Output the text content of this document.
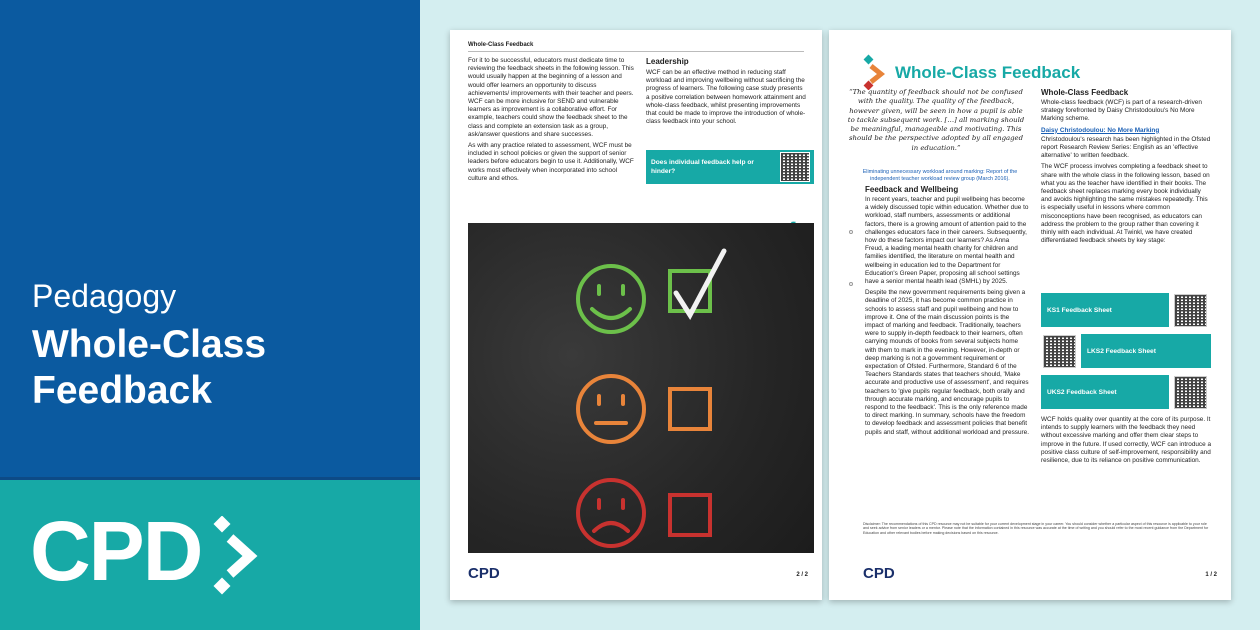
Pedagogy
Whole-Class Feedback
CPD
Whole-Class Feedback

For it to be successful, educators must dedicate time to reviewing the feedback sheets in the following lesson. This would usually happen at the beginning of a lesson and would offer learners an opportunity to discuss achievements/ improvements with their teacher and peers. WCF can be more inclusive for SEND and vulnerable learners as improvement is a collaborative effort. For example, teachers could show the feedback sheet to the class and complete an extension task as a group, ask/answer questions and share successes.

As with any practice related to assessment, WCF must be included in school policies or given the support of senior leaders before educators begin to use it. Additionally, WCF works most effectively when incorporated into school culture and ethos.

Leadership

WCF can be an effective method in reducing staff workload and improving wellbeing without sacrificing the progress of learners. The following case study presents a positive correlation between homework attainment and whole-class feedback, whilst presenting improvements that could be made to improve the introduction of whole-class feedback into your school.

Does individual feedback help or hinder?
CPD	2 / 2
Whole-Class Feedback
“The quantity of feedback should not be confused with the quality. The quality of the feedback, however given, will be seen in how a pupil is able to tackle subsequent work. […] all marking should be meaningful, manageable and motivating. This should be the perspective adopted by all engaged in education.”
Eliminating unnecessary workload around marking: Report of the independent teacher workload review group (March 2016).
Feedback and Wellbeing

In recent years, teacher and pupil wellbeing has become a widely discussed topic within education. Whether due to workload, staff numbers, assessments or additional factors, there is a growing amount of attention paid to the challenges educators face in their careers. Subsequently, how do these factors impact our learners? As Anna Freud, a leading mental health charity for children and families identified, the literature on mental health and wellbeing in education led to the Department for Education's Green Paper, proposing all school settings have a senior mental health lead (SMHL) by 2025.

Despite the new government requirements being given a deadline of 2025, it has become common practice in schools to assess staff and pupil wellbeing and how to improve it. One of the main discussion points is the impact of marking and feedback. Traditionally, teachers were to supply in-depth feedback to their learners, often carrying mounds of books from several subjects home with them to mark in the evening. However, in-depth or deep marking is not a government requirement or expectation of Ofsted. Furthermore, Standard 6 of the Teachers Standards states that teachers should, 'Make accurate and productive use of assessment', and requires teachers to 'give pupils regular feedback, both orally and through accurate marking, and encourage pupils to respond to the feedback'. This is the only reference made to direct marking. In summary, schools have the freedom to develop feedback and assessment policies that benefit pupils and staff, without additional workload and pressure.

Whole-Class Feedback

Whole-class feedback (WCF) is part of a research-driven strategy forefronted by Daisy Christodoulou's No More Marking scheme.

Daisy Christodoulou: No More Marking

Christodoulou's research has been highlighted in the Ofsted report Research Review Series: English as an 'effective alternative' to written feedback.

The WCF process involves completing a feedback sheet to share with the whole class in the following lesson, based on what you as the teacher have identified in their books. The feedback sheet replaces marking every book individually and avoids highlighting the same mistakes repeatedly. This is especially useful in lessons where common misconceptions have been recognised, as educators can address the problem to the group rather than covering it thinly with each individual. At Twinkl, we have created differentiated feedback sheets by key stage:

KS1 Feedback Sheet
LKS2 Feedback Sheet
UKS2 Feedback Sheet

WCF holds quality over quantity at the core of its purpose. It intends to supply learners with the feedback they need without excessive marking and offer them clear steps to improve in the future. If used correctly, WCF can introduce a positive class culture of self-improvement, responsibility and resilience, due to its reliance on positive communication.

Disclaimer: The recommendations of this CPD resource may not be suitable for your current development stage in your career. You should consider whether a particular aspect of this resource is applicable to your role and seek advice from senior leaders or a mentor. Please note that the information contained in this resource was accurate at the time of writing and you should refer to the most recent guidance from the Department for Education and other relevant bodies before making decisions based on this resource.
CPD	1 / 2
